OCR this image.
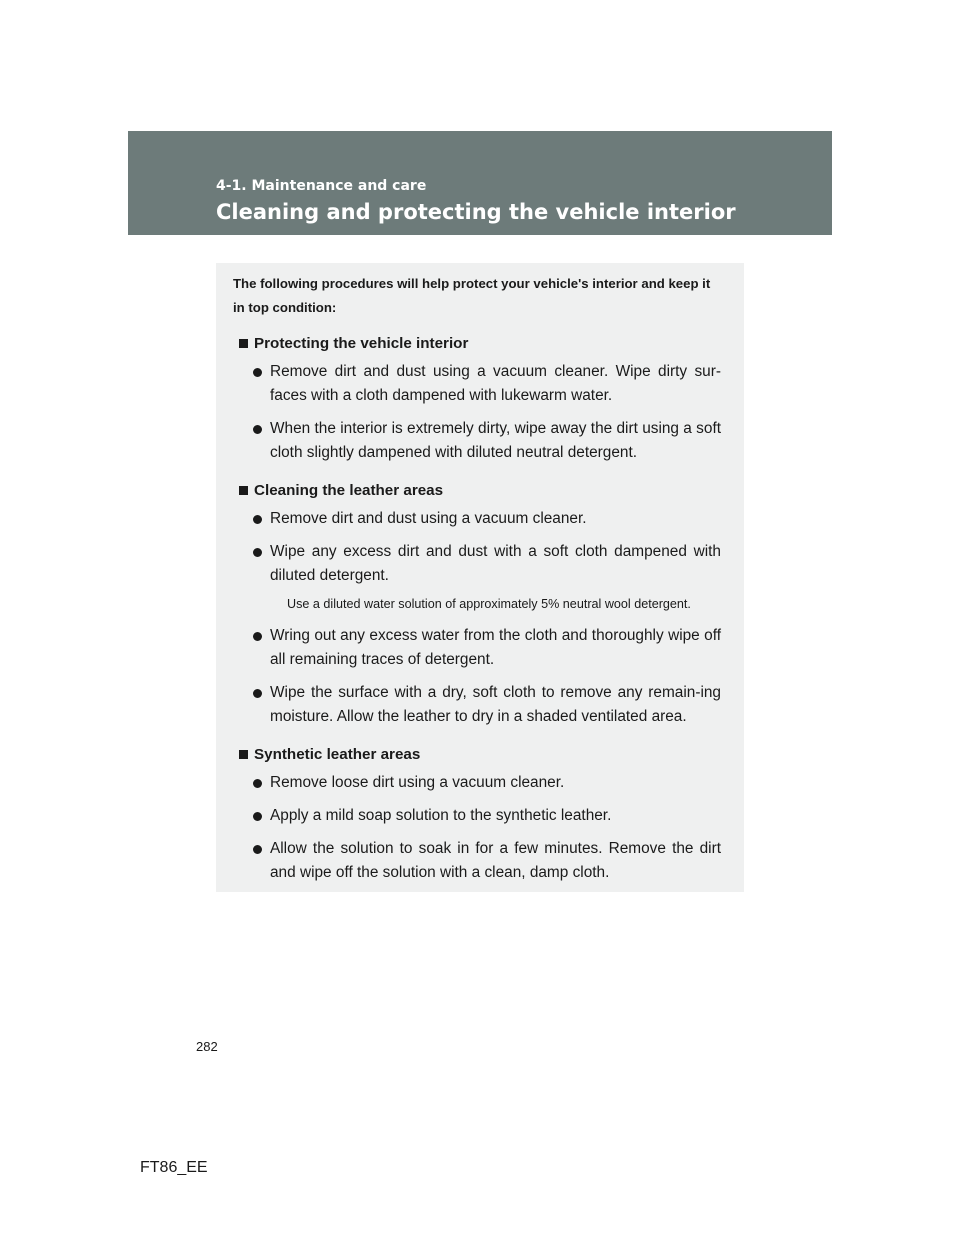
4-1. Maintenance and care
Cleaning and protecting the vehicle interior

The following procedures will help protect your vehicle's interior and keep it in top condition:

Protecting the vehicle interior
Remove dirt and dust using a vacuum cleaner. Wipe dirty sur-faces with a cloth dampened with lukewarm water.
When the interior is extremely dirty, wipe away the dirt using a soft cloth slightly dampened with diluted neutral detergent.
Cleaning the leather areas
Remove dirt and dust using a vacuum cleaner.
Wipe any excess dirt and dust with a soft cloth dampened with diluted detergent.

Use a diluted water solution of approximately 5% neutral wool detergent.

Wring out any excess water from the cloth and thoroughly wipe off all remaining traces of detergent.
Wipe the surface with a dry, soft cloth to remove any remain-ing moisture. Allow the leather to dry in a shaded ventilated area.
Synthetic leather areas
Remove loose dirt using a vacuum cleaner.
Apply a mild soap solution to the synthetic leather.
Allow the solution to soak in for a few minutes. Remove the dirt and wipe off the solution with a clean, damp cloth.
282
FT86_EE
